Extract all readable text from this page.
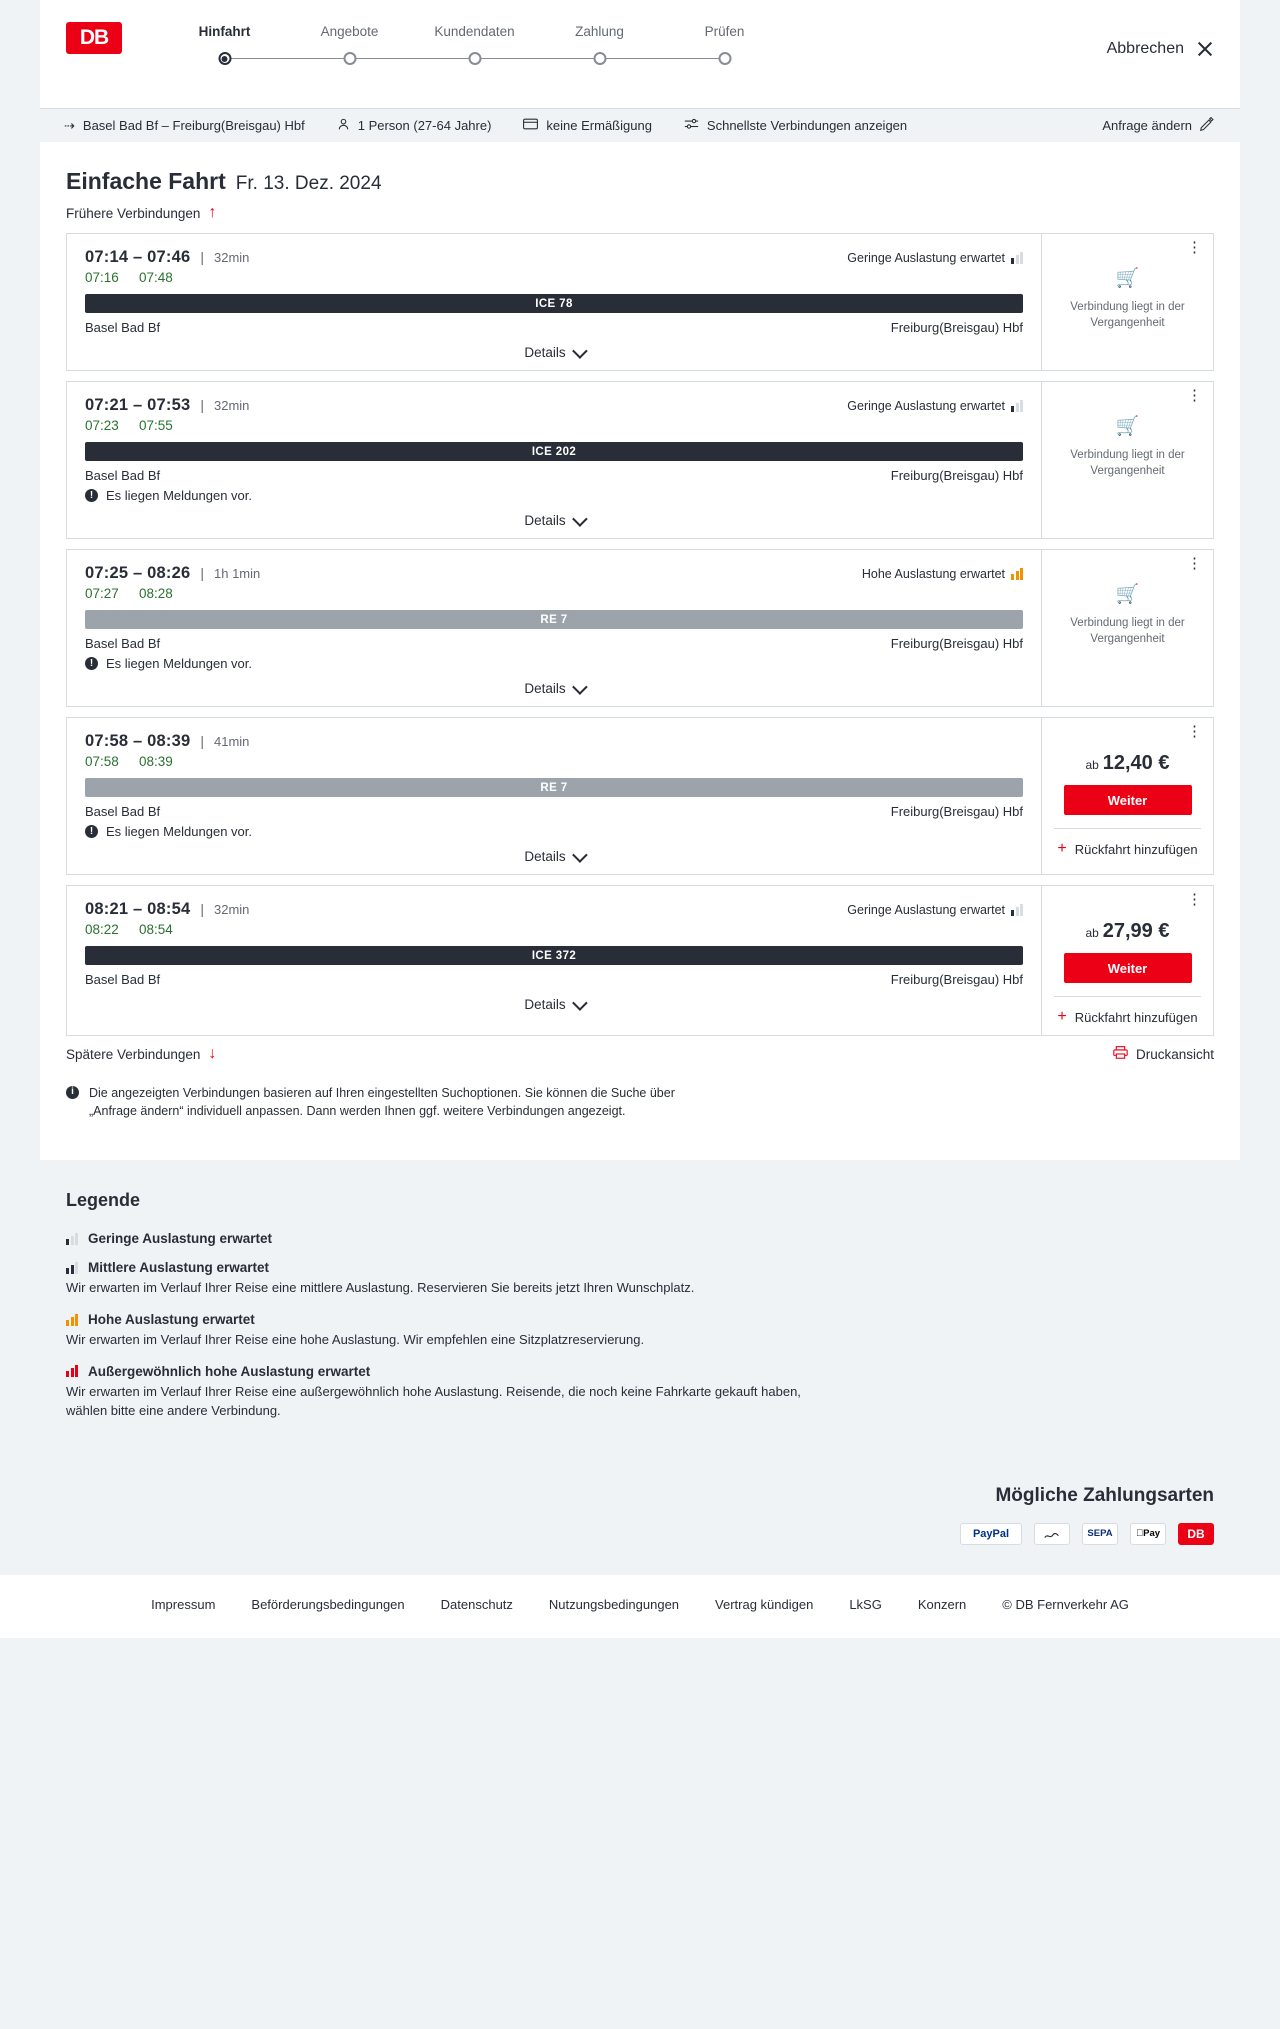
DB	Hinfahrt	Angebote	Kundendaten	Zahlung	Prüfen
Abbrechen
⇢ Basel Bad Bf – Freiburg(Breisgau) Hbf	1 Person (27-64 Jahre)	keine Ermäßigung	Schnellste Verbindungen anzeigen	Anfrage ändern
Einfache Fahrt Fr. 13. Dez. 2024
Frühere Verbindungen ↑
07:14 – 07:46 | 32min	Geringe Auslastung erwartet
07:16	07:48
ICE 78
Basel Bad Bf	Freiburg(Breisgau) Hbf
Details
⋮
🛒
Verbindung liegt in der Vergangenheit
07:21 – 07:53 | 32min	Geringe Auslastung erwartet
07:23	07:55
ICE 202
Basel Bad Bf	Freiburg(Breisgau) Hbf
! Es liegen Meldungen vor.
Details
⋮
🛒
Verbindung liegt in der Vergangenheit
07:25 – 08:26 | 1h 1min	Hohe Auslastung erwartet
07:27	08:28
RE 7
Basel Bad Bf	Freiburg(Breisgau) Hbf
! Es liegen Meldungen vor.
Details
⋮
🛒
Verbindung liegt in der Vergangenheit
07:58 – 08:39 | 41min
07:58	08:39
RE 7
Basel Bad Bf	Freiburg(Breisgau) Hbf
! Es liegen Meldungen vor.
Details
⋮
ab 12,40 €
Weiter
+ Rückfahrt hinzufügen
08:21 – 08:54 | 32min	Geringe Auslastung erwartet
08:22	08:54
ICE 372
Basel Bad Bf	Freiburg(Breisgau) Hbf
Details
⋮
ab 27,99 €
Weiter
+ Rückfahrt hinzufügen
Spätere Verbindungen ↓	Druckansicht
i	Die angezeigten Verbindungen basieren auf Ihren eingestellten Suchoptionen. Sie können die Suche über „Anfrage ändern“ individuell anpassen. Dann werden Ihnen ggf. weitere Verbindungen angezeigt.
Legende
Geringe Auslastung erwartet
Mittlere Auslastung erwartet
Wir erwarten im Verlauf Ihrer Reise eine mittlere Auslastung. Reservieren Sie bereits jetzt Ihren Wunschplatz.
Hohe Auslastung erwartet
Wir erwarten im Verlauf Ihrer Reise eine hohe Auslastung. Wir empfehlen eine Sitzplatzreservierung.
Außergewöhnlich hohe Auslastung erwartet
Wir erwarten im Verlauf Ihrer Reise eine außergewöhnlich hohe Auslastung. Reisende, die noch keine Fahrkarte gekauft haben, wählen bitte eine andere Verbindung.
Mögliche Zahlungsarten
PayPal	SEPA	Pay	DB
Impressum	Beförderungsbedingungen	Datenschutz	Nutzungsbedingungen	Vertrag kündigen	LkSG	Konzern	© DB Fernverkehr AG
